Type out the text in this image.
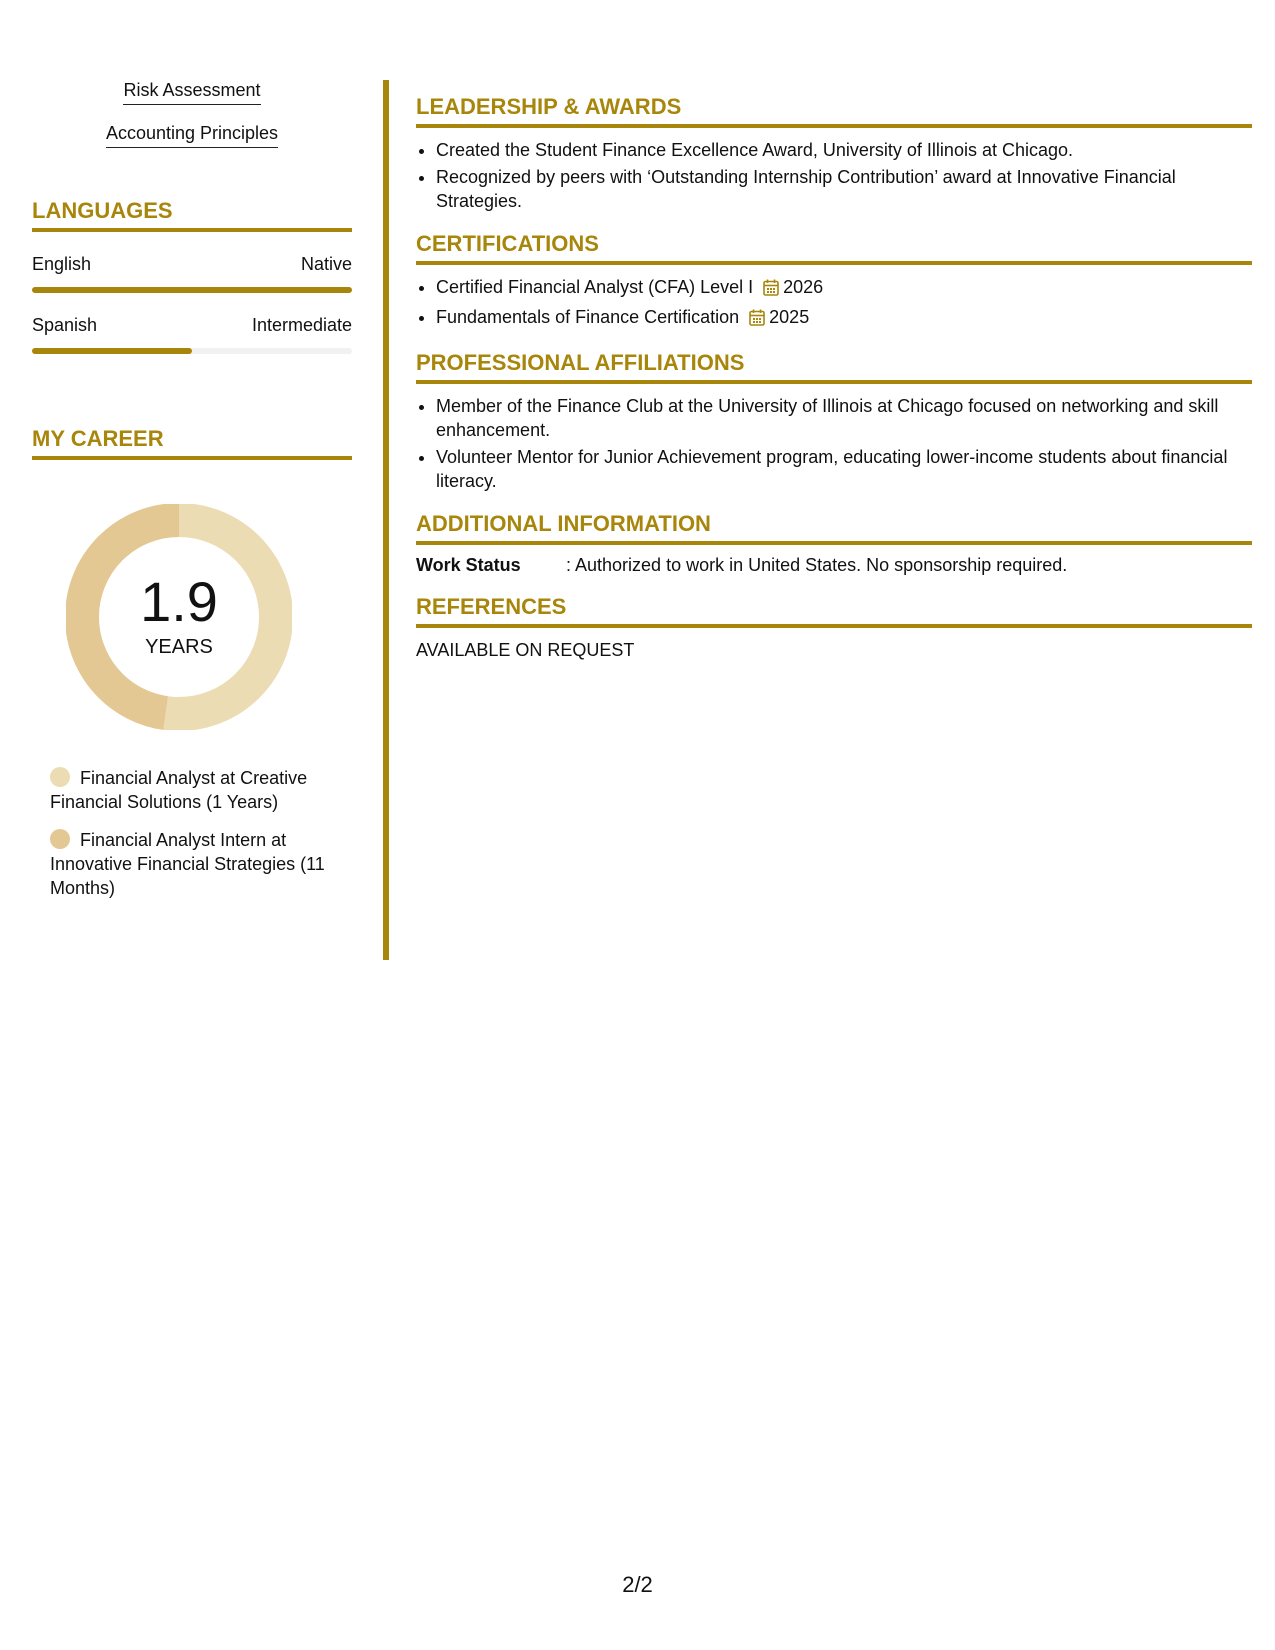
Risk Assessment
Accounting Principles
LANGUAGES
English	Native
Spanish	Intermediate
MY CAREER
1.9
YEARS
Financial Analyst at Creative Financial Solutions (1 Years)
Financial Analyst Intern at Innovative Financial Strategies (11 Months)
LEADERSHIP & AWARDS
• Created the Student Finance Excellence Award, University of Illinois at Chicago.
• Recognized by peers with ‘Outstanding Internship Contribution’ award at Innovative Financial Strategies.
CERTIFICATIONS
• Certified Financial Analyst (CFA) Level I 2026
• Fundamentals of Finance Certification 2025
PROFESSIONAL AFFILIATIONS
• Member of the Finance Club at the University of Illinois at Chicago focused on networking and skill enhancement.
• Volunteer Mentor for Junior Achievement program, educating lower-income students about financial literacy.
ADDITIONAL INFORMATION
Work Status	: Authorized to work in United States. No sponsorship required.
REFERENCES
AVAILABLE ON REQUEST
2/2
